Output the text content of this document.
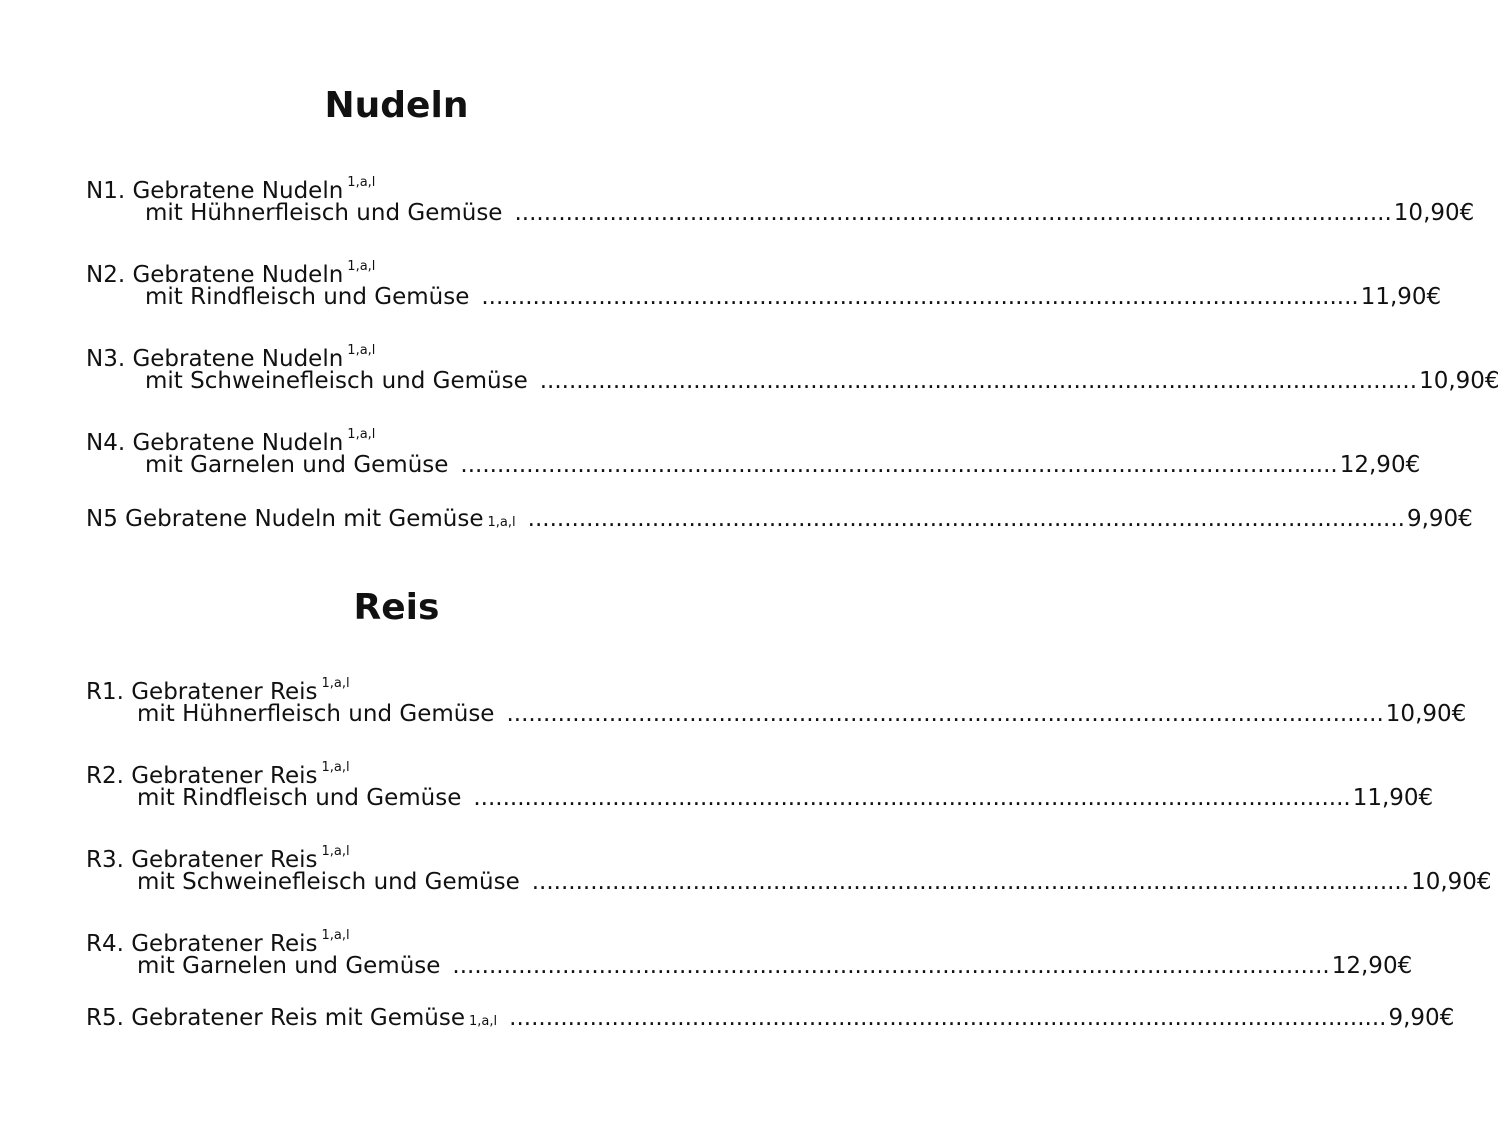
Nudeln
N1. Gebratene Nudeln $^{1,a,l}$
mit Hühnerfleisch und Gemüse ........................................................................................................................ 10,90€
N2. Gebratene Nudeln $^{1,a,l}$
mit Rindfleisch und Gemüse ........................................................................................................................ 11,90€
N3. Gebratene Nudeln $^{1,a,l}$
mit Schweinefleisch und Gemüse ........................................................................................................................ 10,90€
N4. Gebratene Nudeln $^{1,a,l}$
mit Garnelen und Gemüse ........................................................................................................................ 12,90€
N5 Gebratene Nudeln mit Gemüse 1,a,l ........................................................................................................................ 9,90€
Reis
R1. Gebratener Reis $^{1,a,l}$
mit Hühnerfleisch und Gemüse ........................................................................................................................ 10,90€
R2. Gebratener Reis $^{1,a,l}$
mit Rindfleisch und Gemüse ........................................................................................................................ 11,90€
R3. Gebratener Reis $^{1,a,l}$
mit Schweinefleisch und Gemüse ........................................................................................................................ 10,90€
R4. Gebratener Reis $^{1,a,l}$
mit Garnelen und Gemüse ........................................................................................................................ 12,90€
R5. Gebratener Reis mit Gemüse 1,a,l ........................................................................................................................ 9,90€
